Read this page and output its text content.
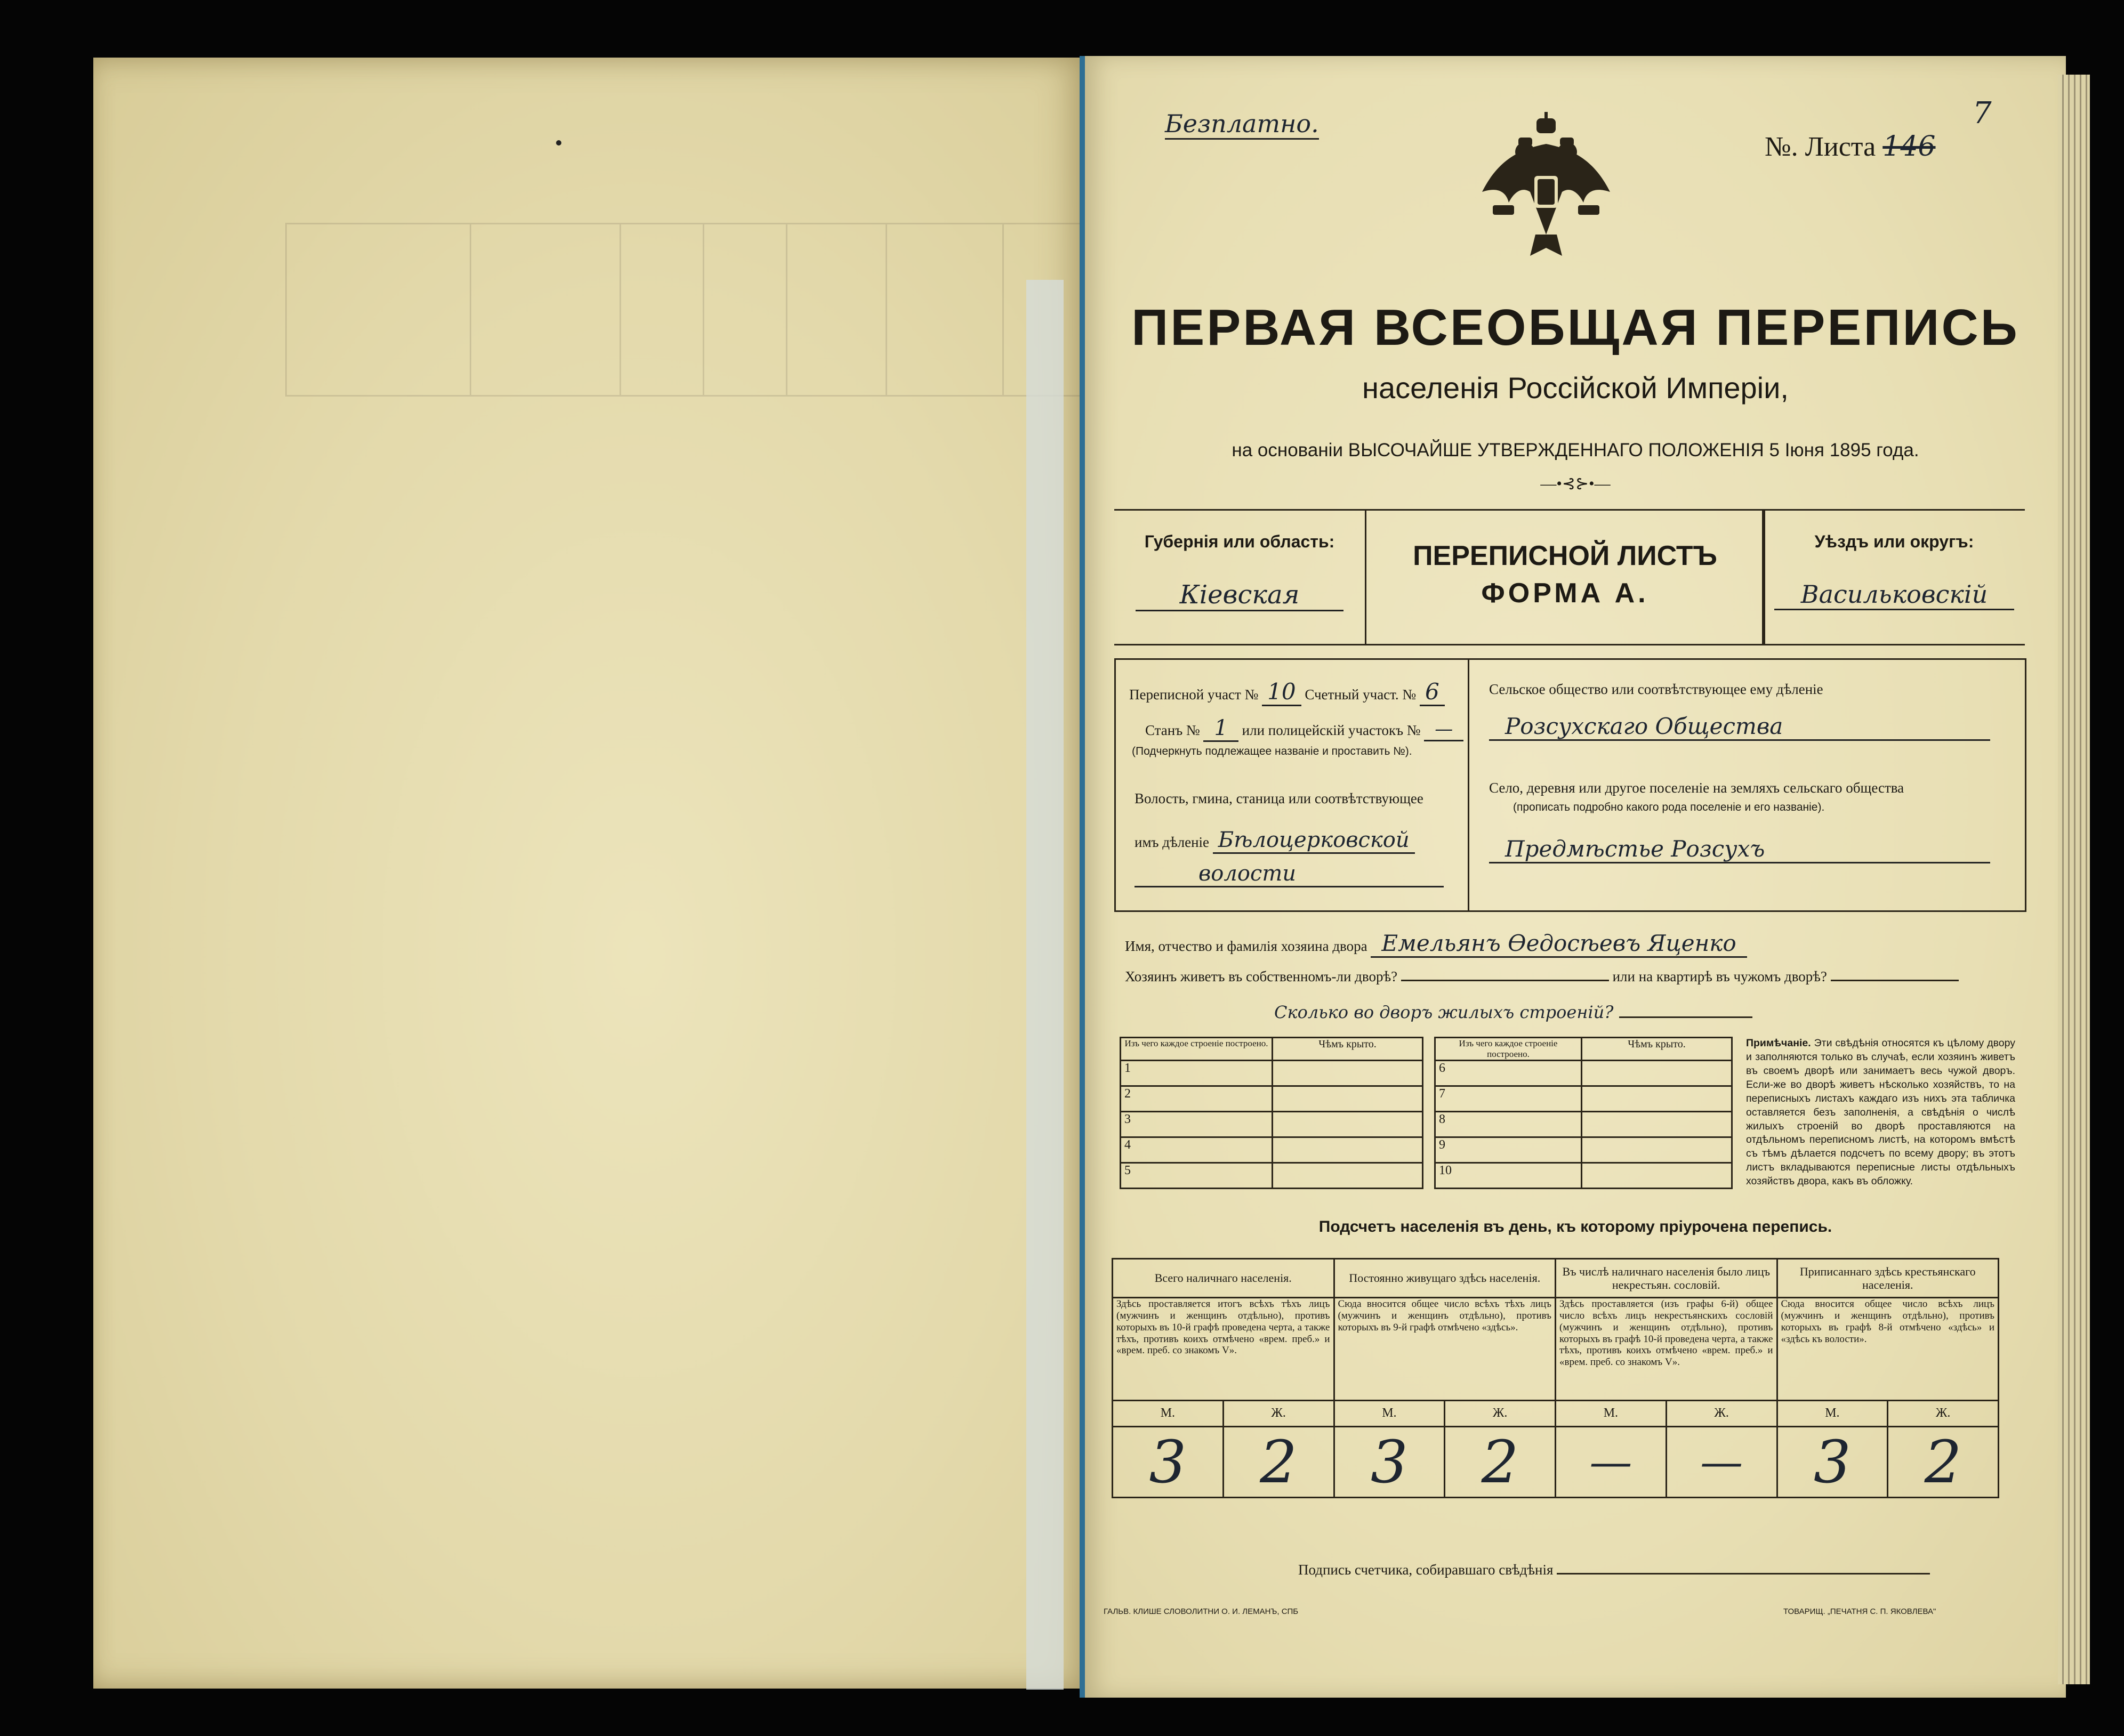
Безплатно.
№. Листа 146
7
ПЕРВАЯ ВСЕОБЩАЯ ПЕРЕПИСЬ
населенія Россійской Имперіи,
на основаніи ВЫСОЧАЙШЕ УТВЕРЖДЕННАГО ПОЛОЖЕНІЯ 5 Іюня 1895 года.
—•⊰⊱•—
Губернія или область:
Кіевская
ПЕРЕПИСНОЙ ЛИСТЪ
ФОРМА А.
Уѣздъ или округъ:
Васильковскій
Переписной участ № 10 Счетный участ. № 6
Станъ № 1 или полицейскій участокъ № —
(Подчеркнуть подлежащее названіе и проставить №).
Волость, гмина, станица или соотвѣтствующее
имъ дѣленіе Бѣлоцерковской
волости
Сельское общество или соотвѣтствующее ему дѣленіе
Розсухскаго Общества
Село, деревня или другое поселеніе на земляхъ сельскаго общества
(прописать подробно какого рода поселеніе и его названіе).
Предмѣстье Розсухъ
Имя, отчество и фамилія хозяина двора Емельянъ Ѳедосѣевъ Яценко
Хозяинъ живетъ въ собственномъ-ли дворѣ?	или на квартирѣ въ чужомъ дворѣ?
Сколько во дворъ жилыхъ строеній?
Изъ чего каждое строеніе построено.	Чѣмъ крыто.
1	
2	
3	
4	
5	
Изъ чего каждое строеніе построено.	Чѣмъ крыто.
6	
7	
8	
9	
10	
Примѣчаніе. Эти свѣдѣнія относятся къ цѣлому двору и заполняются только въ случаѣ, если хозяинъ живетъ въ своемъ дворѣ или занимаетъ весь чужой дворъ. Если-же во дворѣ живетъ нѣсколько хозяйствъ, то на переписныхъ листахъ каждаго изъ нихъ эта табличка оставляется безъ заполненія, а свѣдѣнія о числѣ жилыхъ строеній во дворѣ проставляются на отдѣльномъ переписномъ листѣ, на которомъ вмѣстѣ съ тѣмъ дѣлается подсчетъ по всему двору; въ этотъ листъ вкладываются переписные листы отдѣльныхъ хозяйствъ двора, какъ въ обложку.
Подсчетъ населенія въ день, къ которому пріурочена перепись.
Всего наличнаго населенія.		Постоянно живущаго здѣсь населенія.		Въ числѣ наличнаго населенія было лицъ некрестьян. сословій.		Приписаннаго здѣсь крестьянскаго населенія.	
Здѣсь проставляется итогъ всѣхъ тѣхъ лицъ (мужчинъ и женщинъ отдѣльно), противъ которыхъ въ 10-й графѣ проведена черта, а также тѣхъ, противъ коихъ отмѣчено «врем. преб.» и «врем. преб. со знакомъ V».		Сюда вносится общее число всѣхъ тѣхъ лицъ (мужчинъ и женщинъ отдѣльно), противъ которыхъ въ 9-й графѣ отмѣчено «здѣсь».		Здѣсь проставляется (изъ графы 6-й) общее число всѣхъ лицъ некрестьянскихъ сословій (мужчинъ и женщинъ отдѣльно), противъ которыхъ въ графѣ 10-й проведена черта, а также тѣхъ, противъ коихъ отмѣчено «врем. преб.» и «врем. преб. со знакомъ V».		Сюда вносится общее число всѣхъ лицъ (мужчинъ и женщинъ отдѣльно), противъ которыхъ въ графѣ 8-й отмѣчено «здѣсь» и «здѣсь къ волости».	
М.	Ж.	М.	Ж.	М.	Ж.	М.	Ж.
3	2	3	2	—	—	3	2
Подпись счетчика, собиравшаго свѣдѣнія
ГАЛЬВ. КЛИШЕ СЛОВОЛИТНИ О. И. ЛЕМАНЪ, СПБ	ТОВАРИЩ. „ПЕЧАТНЯ С. П. ЯКОВЛЕВА"
